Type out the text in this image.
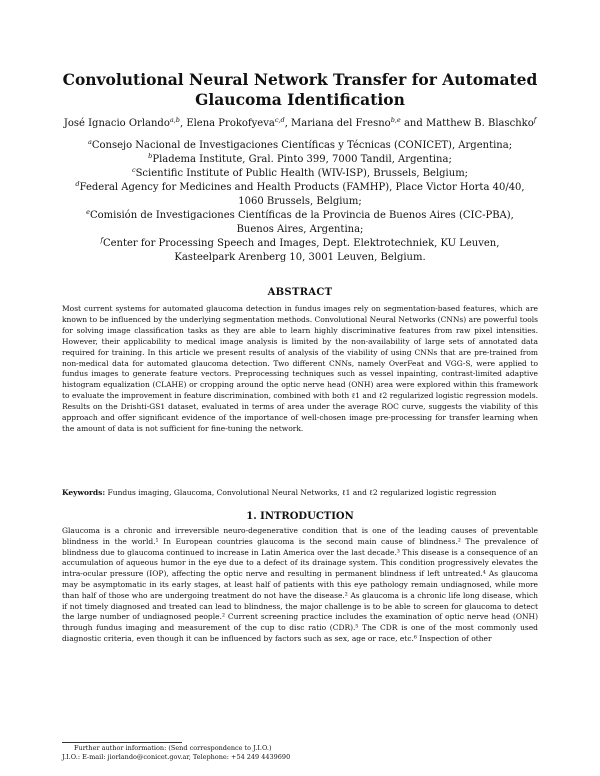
Convolutional Neural Network Transfer for Automated
Glaucoma Identification
José Ignacio Orlando$^{a,b}$, Elena Prokofyeva$^{c,d}$, Mariana del Fresno$^{b,e}$ and Matthew B. Blaschko$^f$
$^a$Consejo Nacional de Investigaciones Científicas y Técnicas (CONICET), Argentina;
$^b$Pladema Institute, Gral. Pinto 399, 7000 Tandil, Argentina;
$^c$Scientific Institute of Public Health (WIV-ISP), Brussels, Belgium;
$^d$Federal Agency for Medicines and Health Products (FAMHP), Place Victor Horta 40/40,
1060 Brussels, Belgium;
$^e$Comisión de Investigaciones Científicas de la Provincia de Buenos Aires (CIC-PBA),
Buenos Aires, Argentina;
$^f$Center for Processing Speech and Images, Dept. Elektrotechniek, KU Leuven,
Kasteelpark Arenberg 10, 3001 Leuven, Belgium.
ABSTRACT
Most current systems for automated glaucoma detection in fundus images rely on segmentation-based features, which are known to be influenced by the underlying segmentation methods. Convolutional Neural Networks (CNNs) are powerful tools for solving image classification tasks as they are able to learn highly discriminative features from raw pixel intensities. However, their applicability to medical image analysis is limited by the non-availability of large sets of annotated data required for training. In this article we present results of analysis of the viability of using CNNs that are pre-trained from non-medical data for automated glaucoma detection. Two different CNNs, namely OverFeat and VGG-S, were applied to fundus images to generate feature vectors. Preprocessing techniques such as vessel inpainting, contrast-limited adaptive histogram equalization (CLAHE) or cropping around the optic nerve head (ONH) area were explored within this framework to evaluate the improvement in feature discrimination, combined with both ℓ1 and ℓ2 regularized logistic regression models. Results on the Drishti-GS1 dataset, evaluated in terms of area under the average ROC curve, suggests the viability of this approach and offer significant evidence of the importance of well-chosen image pre-processing for transfer learning when the amount of data is not sufficient for fine-tuning the network.
Keywords: Fundus imaging, Glaucoma, Convolutional Neural Networks, ℓ1 and ℓ2 regularized logistic regression
1. INTRODUCTION
Glaucoma is a chronic and irreversible neuro-degenerative condition that is one of the leading causes of preventable blindness in the world.¹ In European countries glaucoma is the second main cause of blindness.² The prevalence of blindness due to glaucoma continued to increase in Latin America over the last decade.³ This disease is a consequence of an accumulation of aqueous humor in the eye due to a defect of its drainage system. This condition progressively elevates the intra-ocular pressure (IOP), affecting the optic nerve and resulting in permanent blindness if left untreated.⁴ As glaucoma may be asymptomatic in its early stages, at least half of patients with this eye pathology remain undiagnosed, while more than half of those who are undergoing treatment do not have the disease.² As glaucoma is a chronic life long disease, which if not timely diagnosed and treated can lead to blindness, the major challenge is to be able to screen for glaucoma to detect the large number of undiagnosed people.² Current screening practice includes the examination of optic nerve head (ONH) through fundus imaging and measurement of the cup to disc ratio (CDR).⁵ The CDR is one of the most commonly used diagnostic criteria, even though it can be influenced by factors such as sex, age or race, etc.⁶ Inspection of other
Further author information: (Send correspondence to J.I.O.)
J.I.O.: E-mail: jiorlando@conicet.gov.ar, Telephone: +54 249 4439690
